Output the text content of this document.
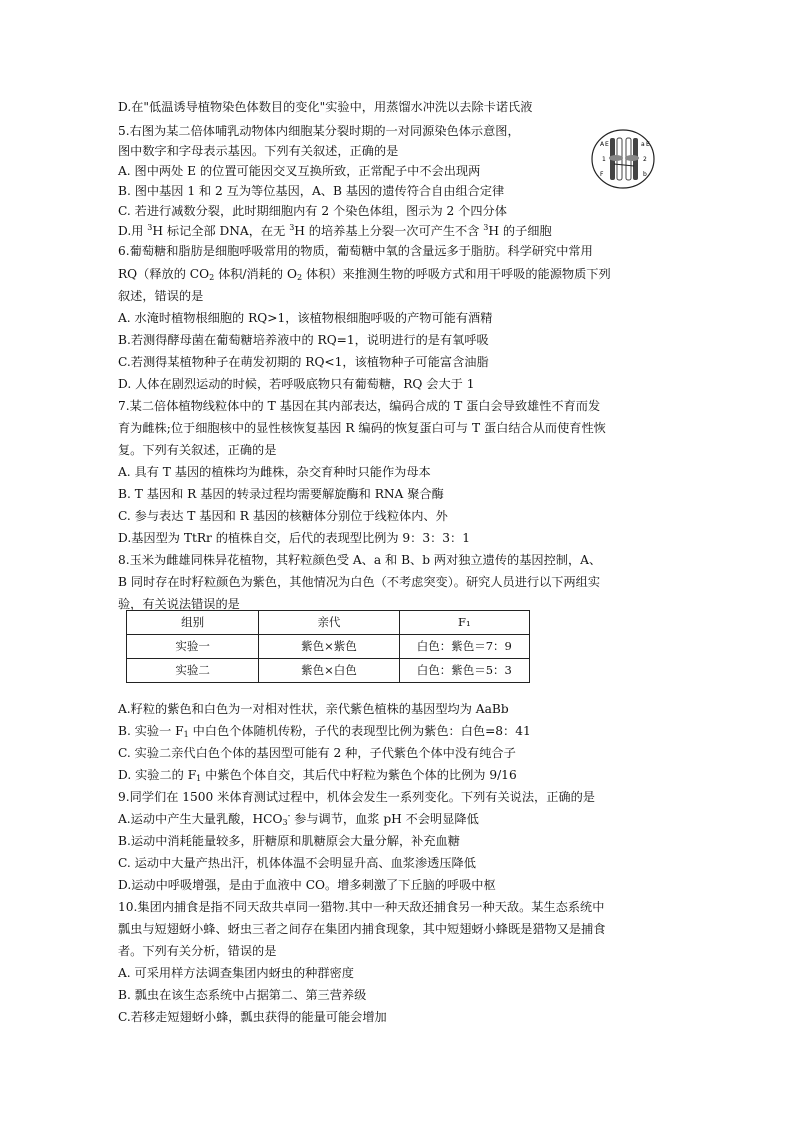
D.在"低温诱导植物染色体数目的变化"实验中，用蒸馏水冲洗以去除卡诺氏液
5.右图为某二倍体哺乳动物体内细胞某分裂时期的一对同源染色体示意图，
图中数字和字母表示基因。下列有关叙述，正确的是
A. 图中两处 E 的位置可能因交叉互换所致，正常配子中不会出现两
B. 图中基因 1 和 2 互为等位基因，A、B 基因的遗传符合自由组合定律
C. 若进行减数分裂，此时期细胞内有 2 个染色体组，图示为 2 个四分体
D.用 $^3$H 标记全部 DNA，在无 $^3$H 的培养基上分裂一次可产生不含 $^3$H 的子细胞
A E
1
F
a E
2
b
6.葡萄糖和脂肪是细胞呼吸常用的物质，葡萄糖中氧的含量远多于脂肪。科学研究中常用
RQ（释放的 $CO_2$ 体积/消耗的 $O_2$ 体积）来推测生物的呼吸方式和用干呼吸的能源物质下列
叙述，错误的是
A. 水淹时植物根细胞的 RQ>1，该植物根细胞呼吸的产物可能有酒精
B.若测得酵母菌在葡萄糖培养液中的 RQ=1，说明进行的是有氧呼吸
C.若测得某植物种子在萌发初期的 RQ<1，该植物种子可能富含油脂
D. 人体在剧烈运动的时候，若呼吸底物只有葡萄糖，RQ 会大于 1
7.某二倍体植物线粒体中的 T 基因在其内部表达，编码合成的 T 蛋白会导致雄性不育而发
育为雌株;位于细胞核中的显性核恢复基因 R 编码的恢复蛋白可与 T 蛋白结合从而使育性恢
复。下列有关叙述，正确的是
A. 具有 T 基因的植株均为雌株，杂交育种时只能作为母本
B. T 基因和 R 基因的转录过程均需要解旋酶和 RNA 聚合酶
C. 参与表达 T 基因和 R 基因的核糖体分别位于线粒体内、外
D.基因型为 TtRr 的植株自交，后代的表现型比例为 9：3：3：1
8.玉米为雌雄同株异花植物，其籽粒颜色受 A、a 和 B、b 两对独立遗传的基因控制，A、
B 同时存在时籽粒颜色为紫色，其他情况为白色（不考虑突变）。研究人员进行以下两组实
验，有关说法错误的是
组别	亲代	F₁
实验一	紫色×紫色	白色：紫色＝7：9
实验二	紫色×白色	白色：紫色＝5：3
A.籽粒的紫色和白色为一对相对性状，亲代紫色植株的基因型均为 AaBb
B. 实验一 $F_1$ 中白色个体随机传粉，子代的表现型比例为紫色：白色=8：41
C. 实验二亲代白色个体的基因型可能有 2 种，子代紫色个体中没有纯合子
D. 实验二的 $F_1$ 中紫色个体自交，其后代中籽粒为紫色个体的比例为 9/16
9.同学们在 1500 米体育测试过程中，机体会发生一系列变化。下列有关说法，正确的是
A.运动中产生大量乳酸，$HCO_3^-$ 参与调节，血浆 pH 不会明显降低
B.运动中消耗能量较多，肝糖原和肌糖原会大量分解，补充血糖
C. 运动中大量产热出汗，机体体温不会明显升高、血浆渗透压降低
D.运动中呼吸增强，是由于血液中 CO。增多刺激了下丘脑的呼吸中枢
10.集团内捕食是指不同天敌共卓同一猎物.其中一种天敌还捕食另一种天敌。某生态系统中
瓢虫与短翅蚜小蜂、蚜虫三者之间存在集团内捕食现象，其中短翅蚜小蜂既是猎物又是捕食
者。下列有关分析，错误的是
A. 可采用样方法调查集团内蚜虫的种群密度
B. 瓢虫在该生态系统中占据第二、第三营养级
C.若移走短翅蚜小蜂，瓢虫获得的能量可能会增加
